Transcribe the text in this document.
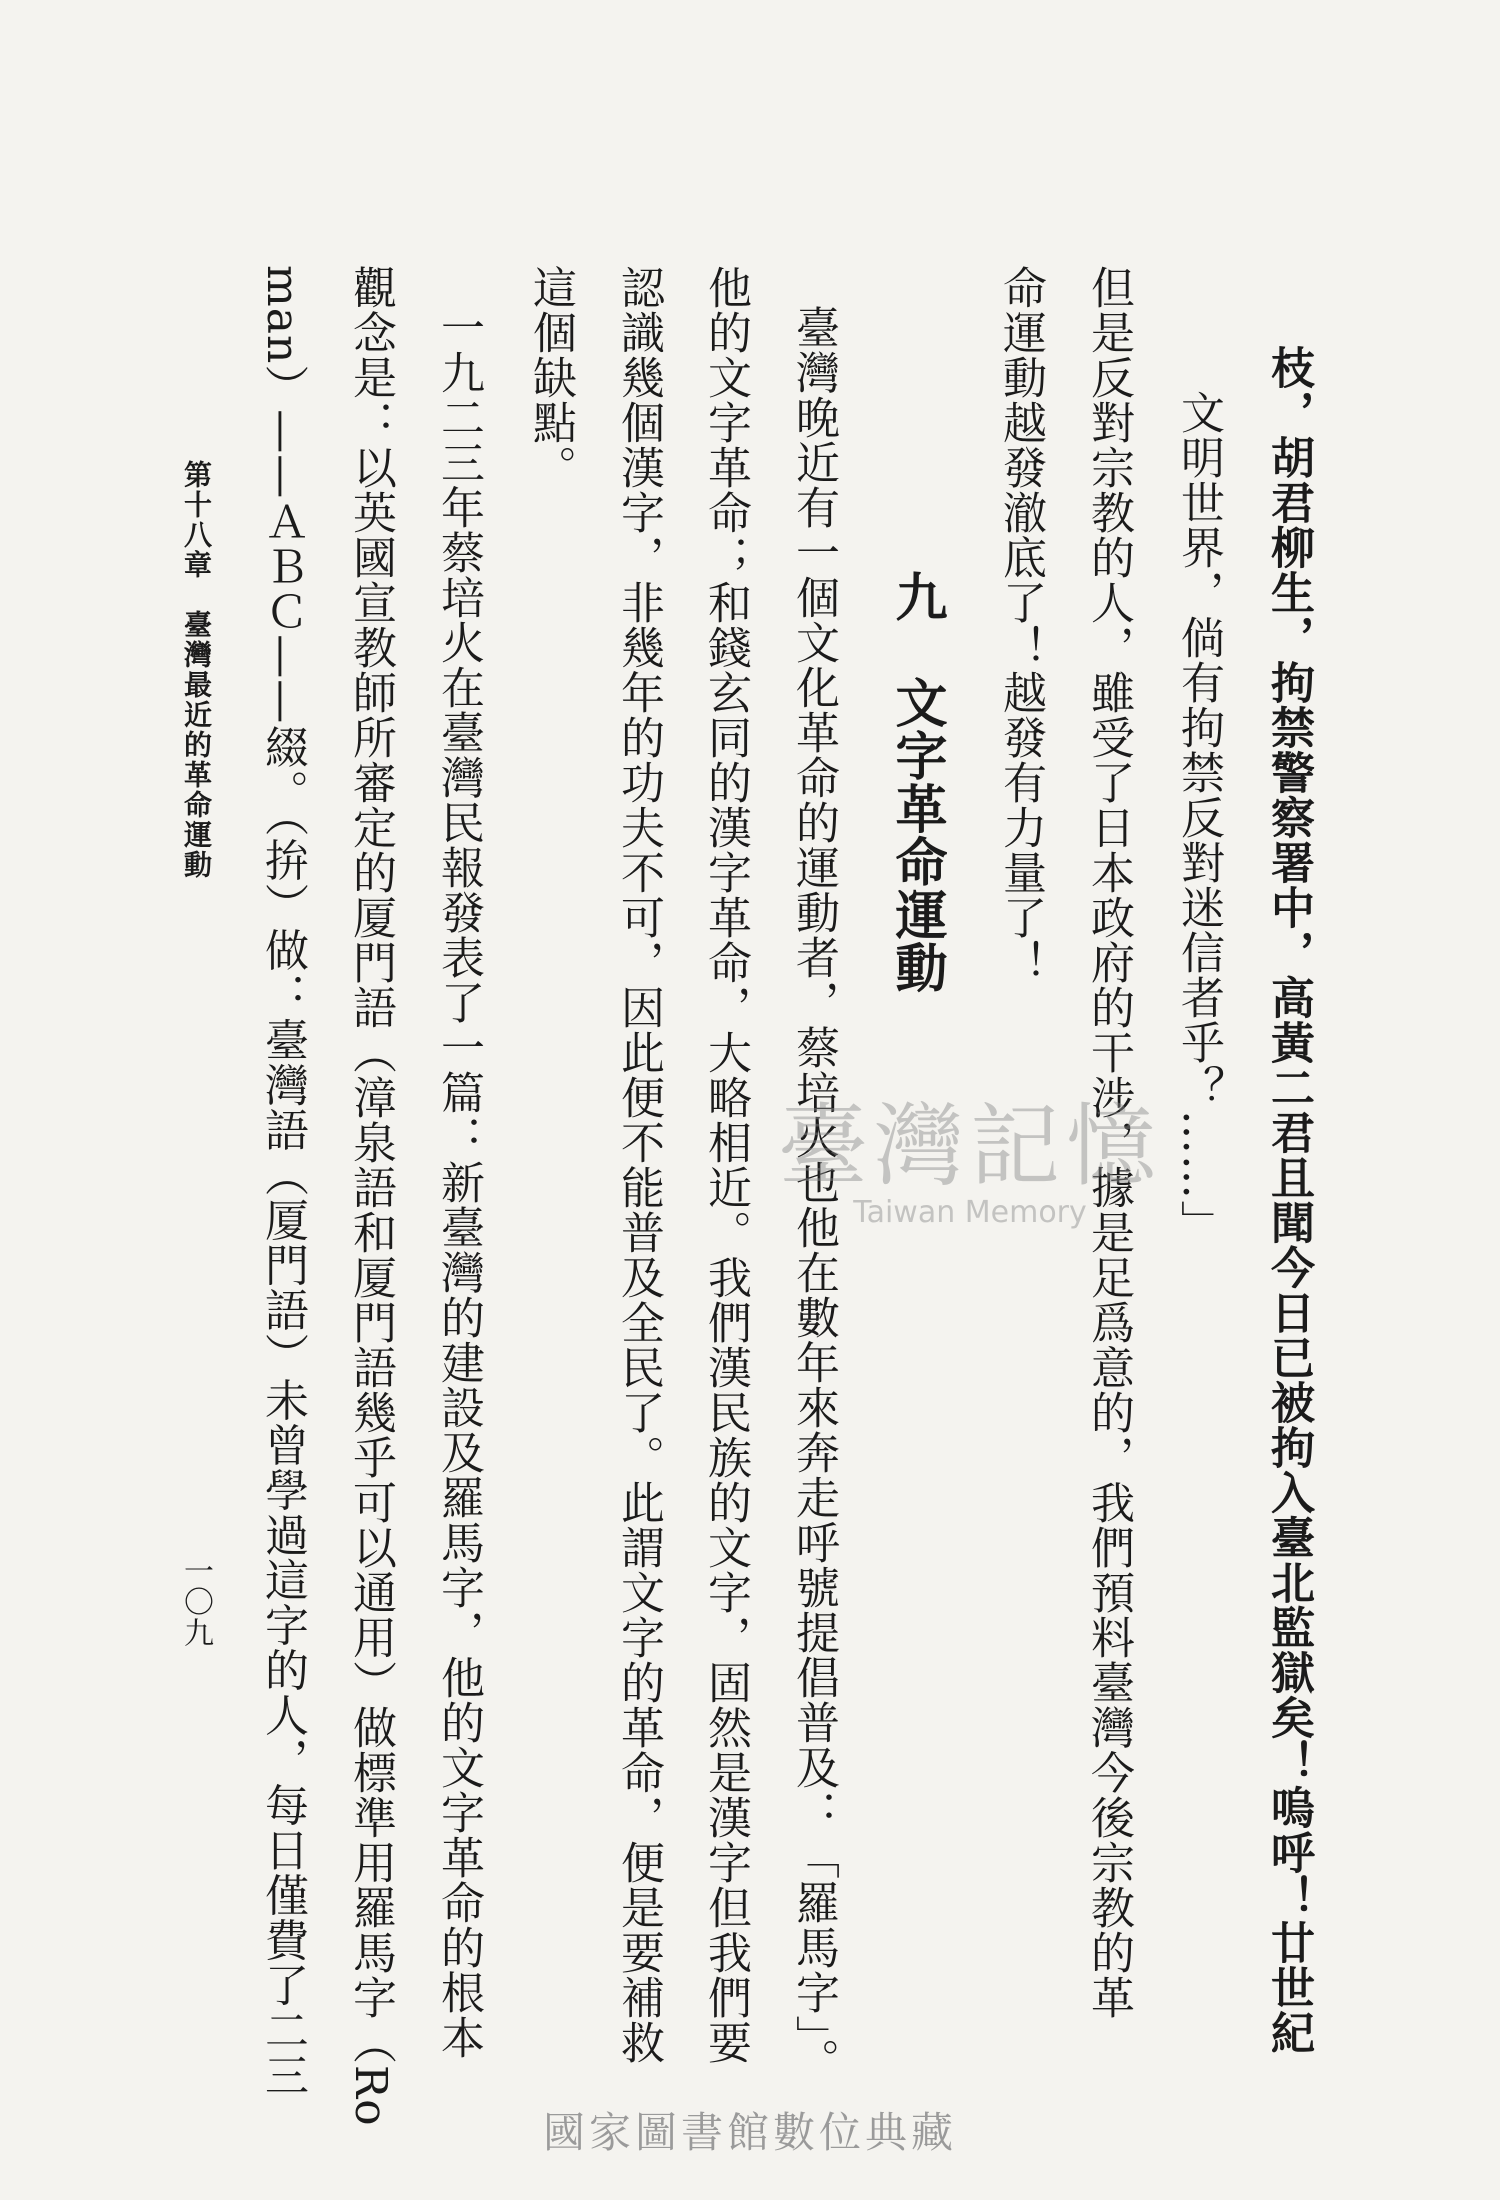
枝，胡君柳生，拘禁警察署中，高黃二君且聞今日已被拘入臺北監獄矣！嗚呼！廿世紀
文明世界，倘有拘禁反對迷信者乎？……」
但是反對宗教的人，雖受了日本政府的干涉，據是足爲意的，我們預料臺灣今後宗教的革
命運動越發澈底了！越發有力量了！
九　文字革命運動
臺灣晚近有一個文化革命的運動者，蔡培火也他在數年來奔走呼號提倡普及：「羅馬字」。
他的文字革命；和錢玄同的漢字革命，大略相近。我們漢民族的文字，固然是漢字但我們要
認識幾個漢字，非幾年的功夫不可，因此便不能普及全民了。此謂文字的革命，便是要補救
這個缺點。
一九二三年蔡培火在臺灣民報發表了一篇：新臺灣的建設及羅馬字，他的文字革命的根本
觀念是：以英國宣教師所審定的厦門語（漳泉語和厦門語幾乎可以通用）做標準用羅馬字（Ro
man）——ＡＢＣ——綴。（拚）做：臺灣語（厦門語）未曾學過這字的人，每日僅費了二三
第十八章　臺灣最近的革命運動
一〇九
臺灣記憶
Taiwan Memory
國家圖書館數位典藏
